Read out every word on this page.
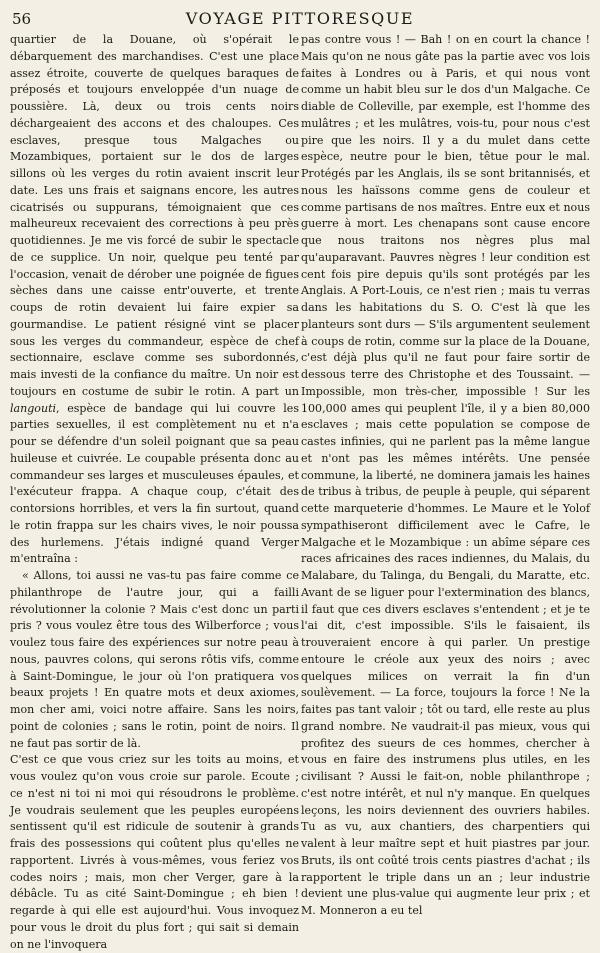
56	VOYAGE PITTORESQUE

quartier de la Douane, où s'opérait le débarquement des marchandises. C'est une place assez étroite, couverte de quelques baraques de préposés et toujours enveloppée d'un nuage de poussière. Là, deux ou trois cents noirs déchargeaient des accons et des chaloupes. Ces esclaves, presque tous Malgaches ou Mozambiques, portaient sur le dos de larges sillons où les verges du rotin avaient inscrit leur date. Les uns frais et saignans encore, les autres cicatrisés ou suppurans, témoignaient que ces malheureux recevaient des corrections à peu près quotidiennes. Je me vis forcé de subir le spectacle de ce supplice. Un noir, quelque peu tenté par l'occasion, venait de dérober une poignée de figues sèches dans une caisse entr'ouverte, et trente coups de rotin devaient lui faire expier sa gourmandise. Le patient résigné vint se placer sous les verges du commandeur, espèce de chef sectionnaire, esclave comme ses subordonnés, mais investi de la confiance du maître. Un noir est toujours en costume de subir le rotin. A part un langouti, espèce de bandage qui lui couvre les parties sexuelles, il est complètement nu et n'a pour se défendre d'un soleil poignant que sa peau huileuse et cuivrée. Le coupable présenta donc au commandeur ses larges et musculeuses épaules, et l'exécuteur frappa. A chaque coup, c'était des contorsions horribles, et vers la fin surtout, quand le rotin frappa sur les chairs vives, le noir poussa des hurlemens. J'étais indigné quand Verger m'entraîna :

« Allons, toi aussi ne vas-tu pas faire comme ce philanthrope de l'autre jour, qui a failli révolutionner la colonie ? Mais c'est donc un parti pris ? vous voulez être tous des Wilberforce ; vous voulez tous faire des expériences sur notre peau à nous, pauvres colons, qui serons rôtis vifs, comme à Saint-Domingue, le jour où l'on pratiquera vos beaux projets ! En quatre mots et deux axiomes, mon cher ami, voici notre affaire. Sans les noirs, point de colonies ; sans le rotin, point de noirs. Il ne faut pas sortir de là.

C'est ce que vous criez sur les toits au moins, et vous voulez qu'on vous croie sur parole. Ecoute ; ce n'est ni toi ni moi qui résoudrons le problème. Je voudrais seulement que les peuples européens sentissent qu'il est ridicule de soutenir à grands frais des possessions qui coûtent plus qu'elles ne rapportent. Livrés à vous-mêmes, vous feriez vos codes noirs ; mais, mon cher Verger, gare à la débâcle. Tu as cité Saint-Domingue ; eh bien ! regarde à qui elle est aujourd'hui. Vous invoquez pour vous le droit du plus fort ; qui sait si demain on ne l'invoquera

pas contre vous ! — Bah ! on en court la chance ! Mais qu'on ne nous gâte pas la partie avec vos lois faites à Londres ou à Paris, et qui nous vont comme un habit bleu sur le dos d'un Malgache. Ce diable de Colleville, par exemple, est l'homme des mulâtres ; et les mulâtres, vois-tu, pour nous c'est pire que les noirs. Il y a du mulet dans cette espèce, neutre pour le bien, têtue pour le mal. Protégés par les Anglais, ils se sont britannisés, et nous les haïssons comme gens de couleur et comme partisans de nos maîtres. Entre eux et nous guerre à mort. Les chenapans sont cause encore que nous traitons nos nègres plus mal qu'auparavant. Pauvres nègres ! leur condition est cent fois pire depuis qu'ils sont protégés par les Anglais. A Port-Louis, ce n'est rien ; mais tu verras dans les habitations du S. O. C'est là que les planteurs sont durs — S'ils argumentent seulement à coups de rotin, comme sur la place de la Douane, c'est déjà plus qu'il ne faut pour faire sortir de dessous terre des Christophe et des Toussaint. — Impossible, mon très-cher, impossible ! Sur les 100,000 ames qui peuplent l'île, il y a bien 80,000 esclaves ; mais cette population se compose de castes infinies, qui ne parlent pas la même langue et n'ont pas les mêmes intérêts. Une pensée commune, la liberté, ne dominera jamais les haines de tribus à tribus, de peuple à peuple, qui séparent cette marqueterie d'hommes. Le Maure et le Yolof sympathiseront difficilement avec le Cafre, le Malgache et le Mozambique : un abîme sépare ces races africaines des races indiennes, du Malais, du Malabare, du Talinga, du Bengali, du Maratte, etc. Avant de se liguer pour l'extermination des blancs, il faut que ces divers esclaves s'entendent ; et je te l'ai dit, c'est impossible. S'ils le faisaient, ils trouveraient encore à qui parler. Un prestige entoure le créole aux yeux des noirs ; avec quelques milices on verrait la fin d'un soulèvement. — La force, toujours la force ! Ne la faites pas tant valoir ; tôt ou tard, elle reste au plus grand nombre. Ne vaudrait-il pas mieux, vous qui profitez des sueurs de ces hommes, chercher à vous en faire des instrumens plus utiles, en les civilisant ? Aussi le fait-on, noble philanthrope ; c'est notre intérêt, et nul n'y manque. En quelques leçons, les noirs deviennent des ouvriers habiles. Tu as vu, aux chantiers, des charpentiers qui valent à leur maître sept et huit piastres par jour. Bruts, ils ont coûté trois cents piastres d'achat ; ils rapportent le triple dans un an ; leur industrie devient une plus-value qui augmente leur prix ; et M. Monneron a eu tel
